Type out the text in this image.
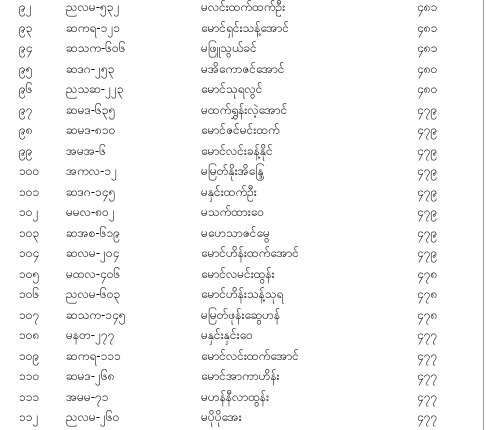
၉၂	ညလမ-၅၃၂	မလင်းထက်ထက်ဦး	၄၈၁
၉၃	ဆကရ-၁၂၁	မောင်ရှင်းသန့်အောင်	၄၈၁
၉၄	ဆသက-၆၀၆	မဖြူသွယ်ခင်	၄၈၁
၉၅	ဆဒဂ-၂၅၃	မအိကောဇင်အောင်	၄၈၀
၉၆	ညသဆ-၂၂၃	မောင်သုရလွင်	၄၈၀
၉၇	ဆမဒ-၆၃၅	မထက်ရွှန်းလဲ့အောင်	၄၇၉
၉၈	ဆမဒ-၈၁၀	မောင်ဇင်မင်းထက်	၄၇၉
၉၉	အမအ-၆	မောင်လင်းခန့်နိုင်	၄၇၉
၁၀၀ အကလ-၁၂	မမြတ်နိုးအိန္ဒြေ	၄၇၉
၁၀၁ ဆဒဂ-၁၄၅	မနှင်းထက်ဦး	၄၇၉
၁၀၂ မမလ-၈၀၂	မသက်ထားဝေ	၄၇၉
၁၀၃ ဆအစ-၆၁၉	မဟေသာဇင်မွေ	၄၇၉
၁၀၄ ဆလမ-၂၀၄	မောင်ဟိန်းထက်အောင်	၄၇၉
၁၀၅ မထလ-၄၀၆	မောင်လမင်းထွန်း	၄၇၈
၁၀၆ ညလမ-၆၀၃	မောင်ဟိန်းသန့်သုရ	၄၇၈
၁၀၇ ဆသက-၁၄၅	မမြတ်ဖုန်းဆွေဟန်	၄၇၈
၁၀၈ မနတ-၂၇၇	မနှင်းနှင်းဝေ	၄၇၇
၁၀၉ ဆကရ-၁၁၁	မောင်လင်းထက်အောင်	၄၇၇
၁၁၀ ဆမဒ-၂၆၈	မောင်အာကာဟိန်း	၄၇၇
၁၁၁ အမမ-၇၁	မဟန်နီလာထွန်း	၄၇၇
၁၁၂ ညလမ-၂၆၀	မပိုပိုအေး	၄၇၇
